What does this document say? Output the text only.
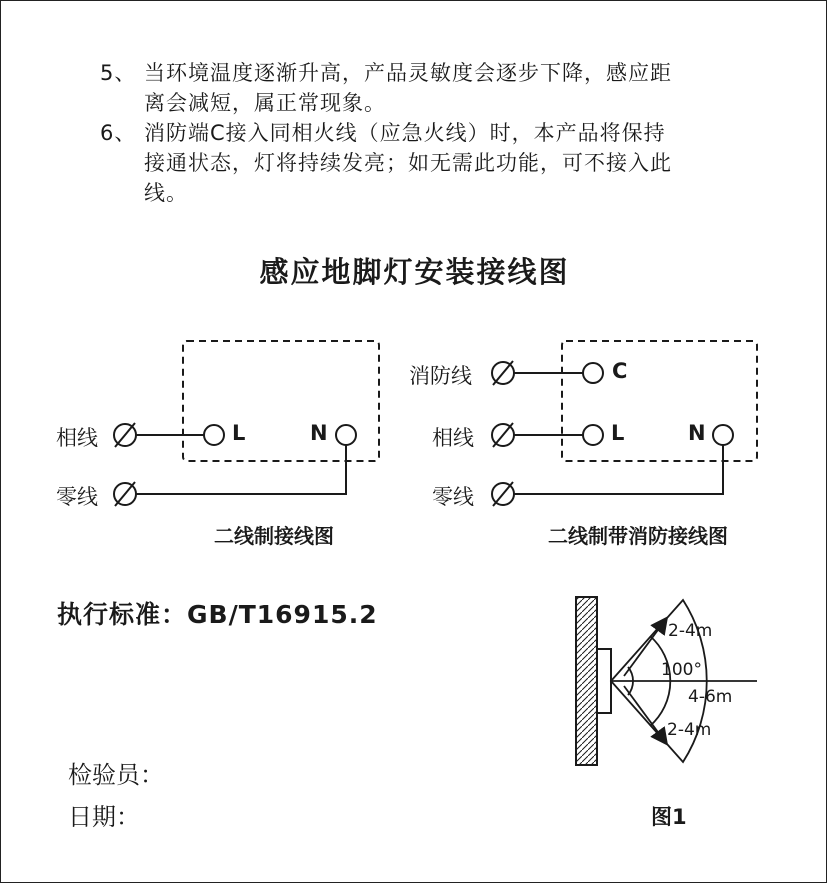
5、 当环境温度逐渐升高，产品灵敏度会逐步下降，感应距
离会减短，属正常现象。
6、 消防端C接入同相火线（应急火线）时，本产品将保持
接通状态，灯将持续发亮；如无需此功能，可不接入此
线。
感应地脚灯安装接线图
相线
零线
L	N
二线制接线图
消防线
相线
零线
C
L	N
二线制带消防接线图
执行标准：GB/T16915.2
检验员：
日期：
2-4m
100°
4-6m
2-4m
图1
